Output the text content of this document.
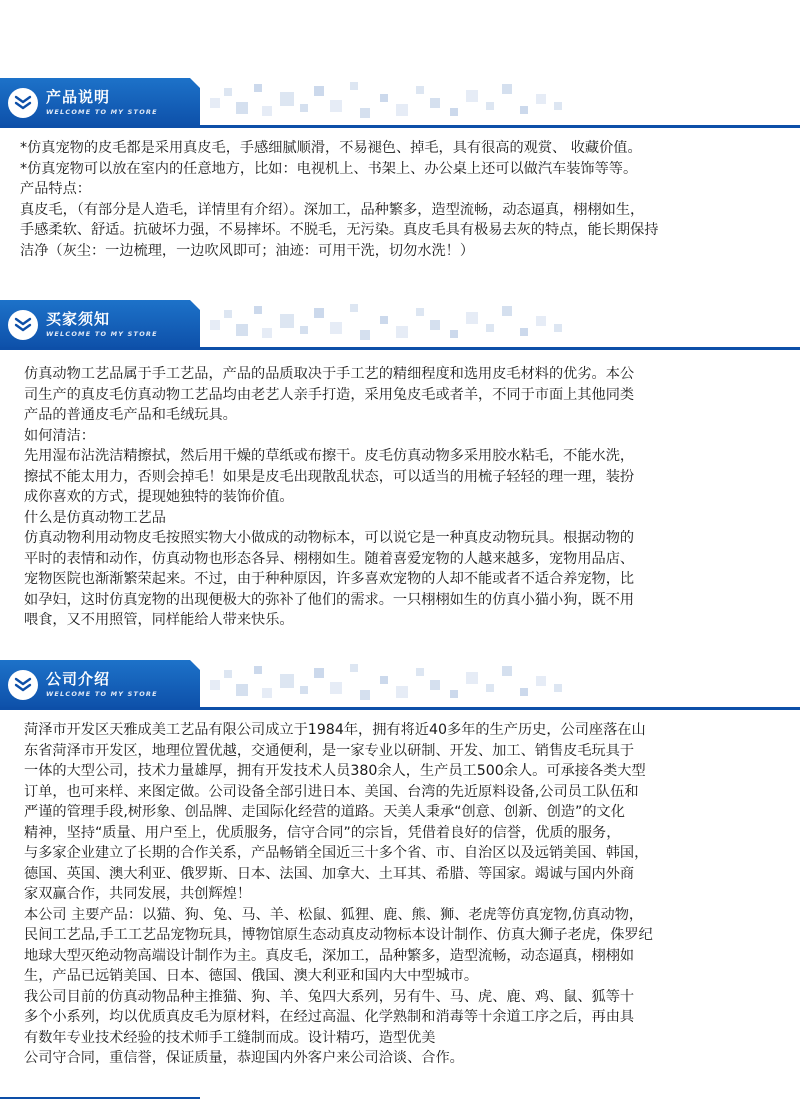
产品说明
WELCOME TO MY STORE

*仿真宠物的皮毛都是采用真皮毛，手感细腻顺滑，不易褪色、掉毛，具有很高的观赏、 收藏价值。
*仿真宠物可以放在室内的任意地方，比如：电视机上、书架上、办公桌上还可以做汽车装饰等等。
产品特点：
真皮毛，（有部分是人造毛，详情里有介绍）。深加工，品种繁多，造型流畅，动态逼真，栩栩如生，
手感柔软、舒适。抗破坏力强，不易摔坏。不脱毛，无污染。真皮毛具有极易去灰的特点，能长期保持
洁净（灰尘：一边梳理，一边吹风即可；油迹：可用干洗，切勿水洗！）

买家须知
WELCOME TO MY STORE

仿真动物工艺品属于手工艺品，产品的品质取决于手工艺的精细程度和选用皮毛材料的优劣。本公
司生产的真皮毛仿真动物工艺品均由老艺人亲手打造，采用兔皮毛或者羊，不同于市面上其他同类
产品的普通皮毛产品和毛绒玩具。
如何清洁：
先用湿布沾洗洁精擦拭，然后用干燥的草纸或布擦干。皮毛仿真动物多采用胶水粘毛，不能水洗，
擦拭不能太用力，否则会掉毛！如果是皮毛出现散乱状态，可以适当的用梳子轻轻的理一理，装扮
成你喜欢的方式，提现她独特的装饰价值。
什么是仿真动物工艺品
仿真动物利用动物皮毛按照实物大小做成的动物标本，可以说它是一种真皮动物玩具。根据动物的
平时的表情和动作，仿真动物也形态各异、栩栩如生。随着喜爱宠物的人越来越多，宠物用品店、
宠物医院也渐渐繁荣起来。不过，由于种种原因，许多喜欢宠物的人却不能或者不适合养宠物，比
如孕妇，这时仿真宠物的出现便极大的弥补了他们的需求。一只栩栩如生的仿真小猫小狗，既不用
喂食，又不用照管，同样能给人带来快乐。

公司介绍
WELCOME TO MY STORE

菏泽市开发区天雅成美工艺品有限公司成立于1984年，拥有将近40多年的生产历史，公司座落在山
东省菏泽市开发区，地理位置优越，交通便利，是一家专业以研制、开发、加工、销售皮毛玩具于
一体的大型公司，技术力量雄厚，拥有开发技术人员380余人，生产员工500余人。可承接各类大型
订单，也可来样、来图定做。公司设备全部引进日本、美国、台湾的先近原料设备,公司员工队伍和
严谨的管理手段,树形象、创品牌、走国际化经营的道路。天美人秉承“创意、创新、创造”的文化
精神，坚持“质量、用户至上，优质服务，信守合同”的宗旨，凭借着良好的信誉，优质的服务，
与多家企业建立了长期的合作关系，产品畅销全国近三十多个省、市、自治区以及远销美国、韩国，
德国、英国、澳大利亚、俄罗斯、日本、法国、加拿大、土耳其、希腊、等国家。竭诚与国内外商
家双赢合作，共同发展，共创辉煌！
本公司 主要产品：以猫、狗、兔、马、羊、松鼠、狐狸、鹿、熊、狮、老虎等仿真宠物,仿真动物，
民间工艺品,手工工艺品宠物玩具，博物馆原生态动真皮动物标本设计制作、仿真大狮子老虎，侏罗纪
地球大型灭绝动物高端设计制作为主。真皮毛，深加工，品种繁多，造型流畅，动态逼真，栩栩如
生，产品已远销美国、日本、德国、俄国、澳大利亚和国内大中型城市。
我公司目前的仿真动物品种主推猫、狗、羊、兔四大系列，另有牛、马、虎、鹿、鸡、鼠、狐等十
多个小系列，均以优质真皮毛为原材料，在经过高温、化学熟制和消毒等十余道工序之后，再由具
有数年专业技术经验的技术师手工缝制而成。设计精巧，造型优美
公司守合同，重信誉，保证质量，恭迎国内外客户来公司洽谈、合作。
